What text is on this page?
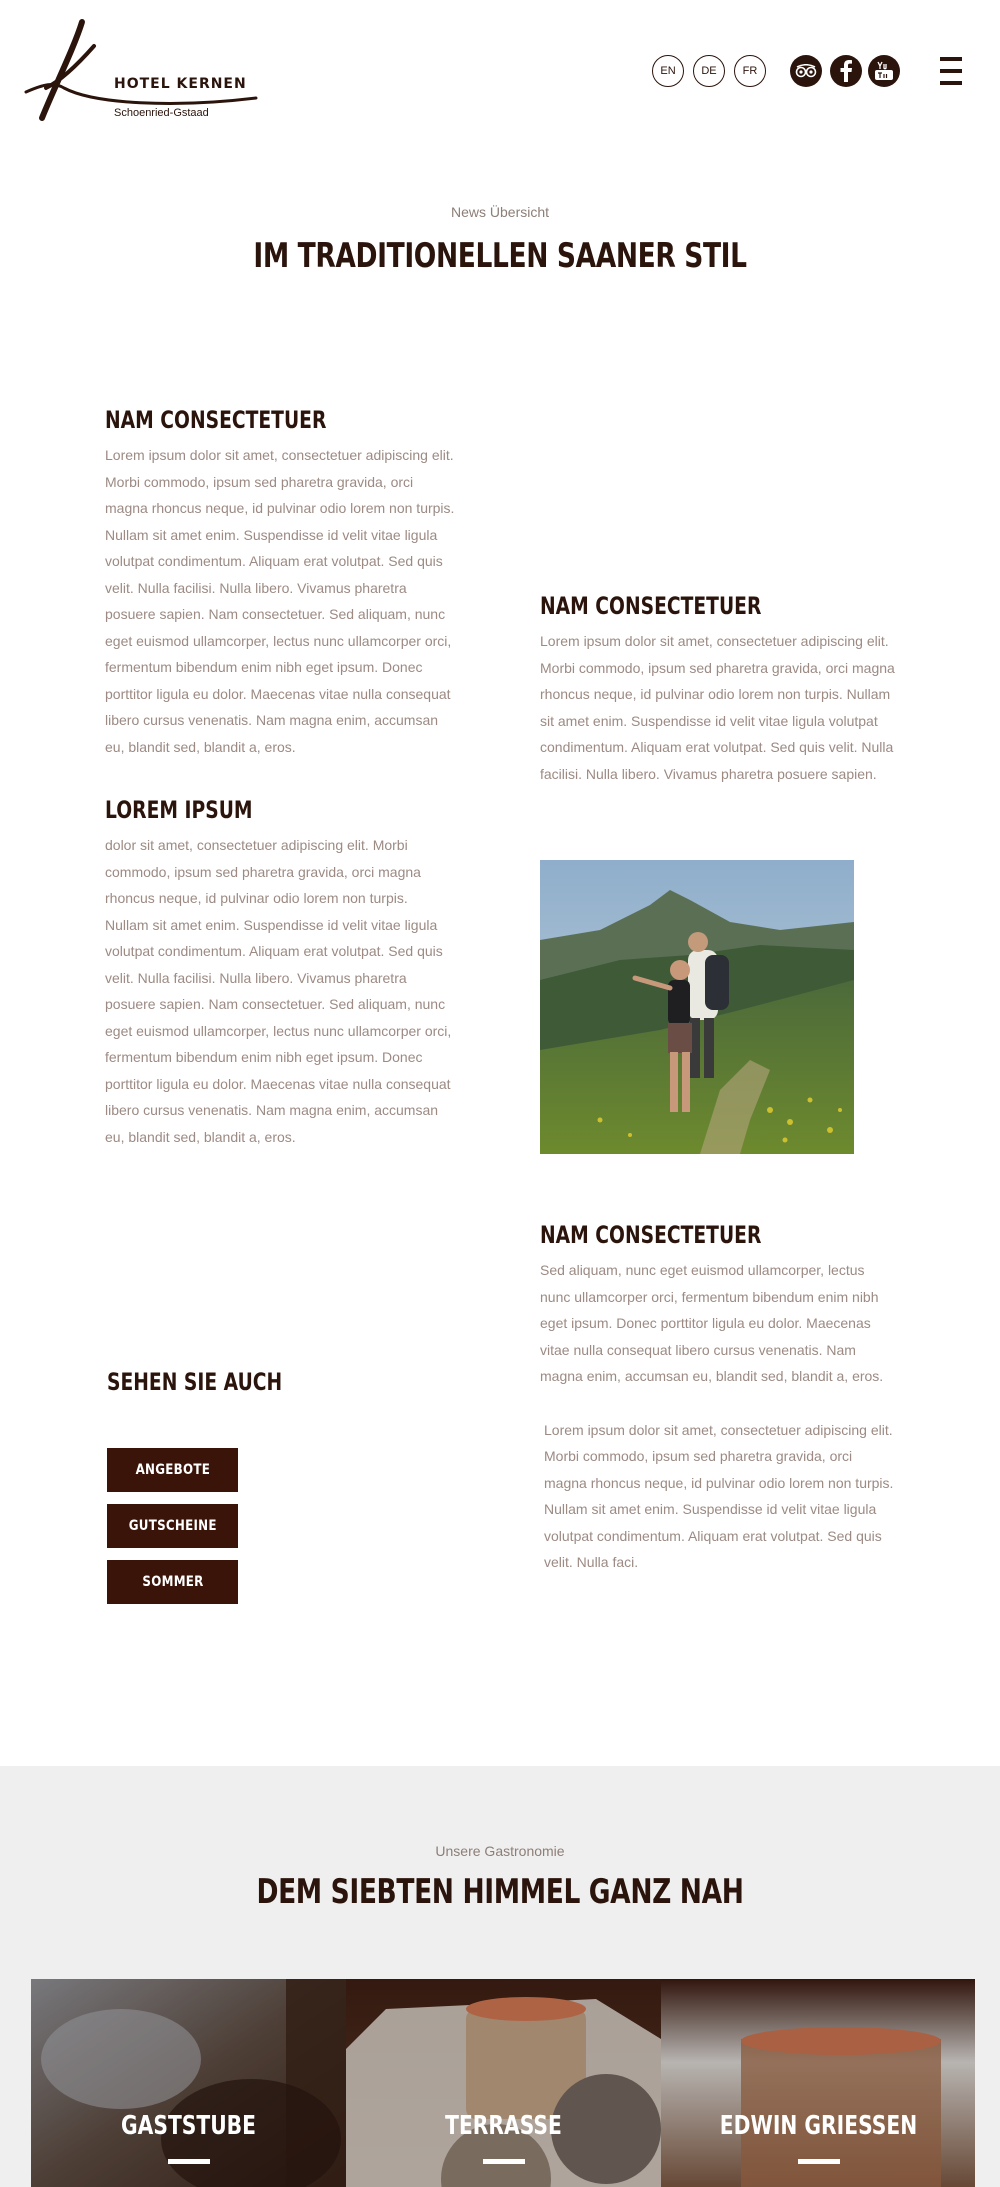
HOTEL KERNEN
Schoenried-Gstaad
EN	DE	FR
News Übersicht
IM TRADITIONELLEN SAANER STIL
NAM CONSECTETUER

Lorem ipsum dolor sit amet, consectetuer adipiscing elit. Morbi commodo, ipsum sed pharetra gravida, orci magna rhoncus neque, id pulvinar odio lorem non turpis. Nullam sit amet enim. Suspendisse id velit vitae ligula volutpat condimentum. Aliquam erat volutpat. Sed quis velit. Nulla facilisi. Nulla libero. Vivamus pharetra posuere sapien. Nam consectetuer. Sed aliquam, nunc eget euismod ullamcorper, lectus nunc ullamcorper orci, fermentum bibendum enim nibh eget ipsum. Donec porttitor ligula eu dolor. Maecenas vitae nulla consequat libero cursus venenatis. Nam magna enim, accumsan eu, blandit sed, blandit a, eros.

LOREM IPSUM

dolor sit amet, consectetuer adipiscing elit. Morbi commodo, ipsum sed pharetra gravida, orci magna rhoncus neque, id pulvinar odio lorem non turpis. Nullam sit amet enim. Suspendisse id velit vitae ligula volutpat condimentum. Aliquam erat volutpat. Sed quis velit. Nulla facilisi. Nulla libero. Vivamus pharetra posuere sapien. Nam consectetuer. Sed aliquam, nunc eget euismod ullamcorper, lectus nunc ullamcorper orci, fermentum bibendum enim nibh eget ipsum. Donec porttitor ligula eu dolor. Maecenas vitae nulla consequat libero cursus venenatis. Nam magna enim, accumsan eu, blandit sed, blandit a, eros.

NAM CONSECTETUER

Lorem ipsum dolor sit amet, consectetuer adipiscing elit. Morbi commodo, ipsum sed pharetra gravida, orci magna rhoncus neque, id pulvinar odio lorem non turpis. Nullam sit amet enim. Suspendisse id velit vitae ligula volutpat condimentum. Aliquam erat volutpat. Sed quis velit. Nulla facilisi. Nulla libero. Vivamus pharetra posuere sapien.

NAM CONSECTETUER

Sed aliquam, nunc eget euismod ullamcorper, lectus nunc ullamcorper orci, fermentum bibendum enim nibh eget ipsum. Donec porttitor ligula eu dolor. Maecenas vitae nulla consequat libero cursus venenatis. Nam magna enim, accumsan eu, blandit sed, blandit a, eros.

Lorem ipsum dolor sit amet, consectetuer adipiscing elit. Morbi commodo, ipsum sed pharetra gravida, orci magna rhoncus neque, id pulvinar odio lorem non turpis. Nullam sit amet enim. Suspendisse id velit vitae ligula volutpat condimentum. Aliquam erat volutpat. Sed quis velit. Nulla faci.

SEHEN SIE AUCH
ANGEBOTE
GUTSCHEINE
SOMMER
Unsere Gastronomie
DEM SIEBTEN HIMMEL GANZ NAH
GASTSTUBE	TERRASSE	EDWIN GRIESSEN
